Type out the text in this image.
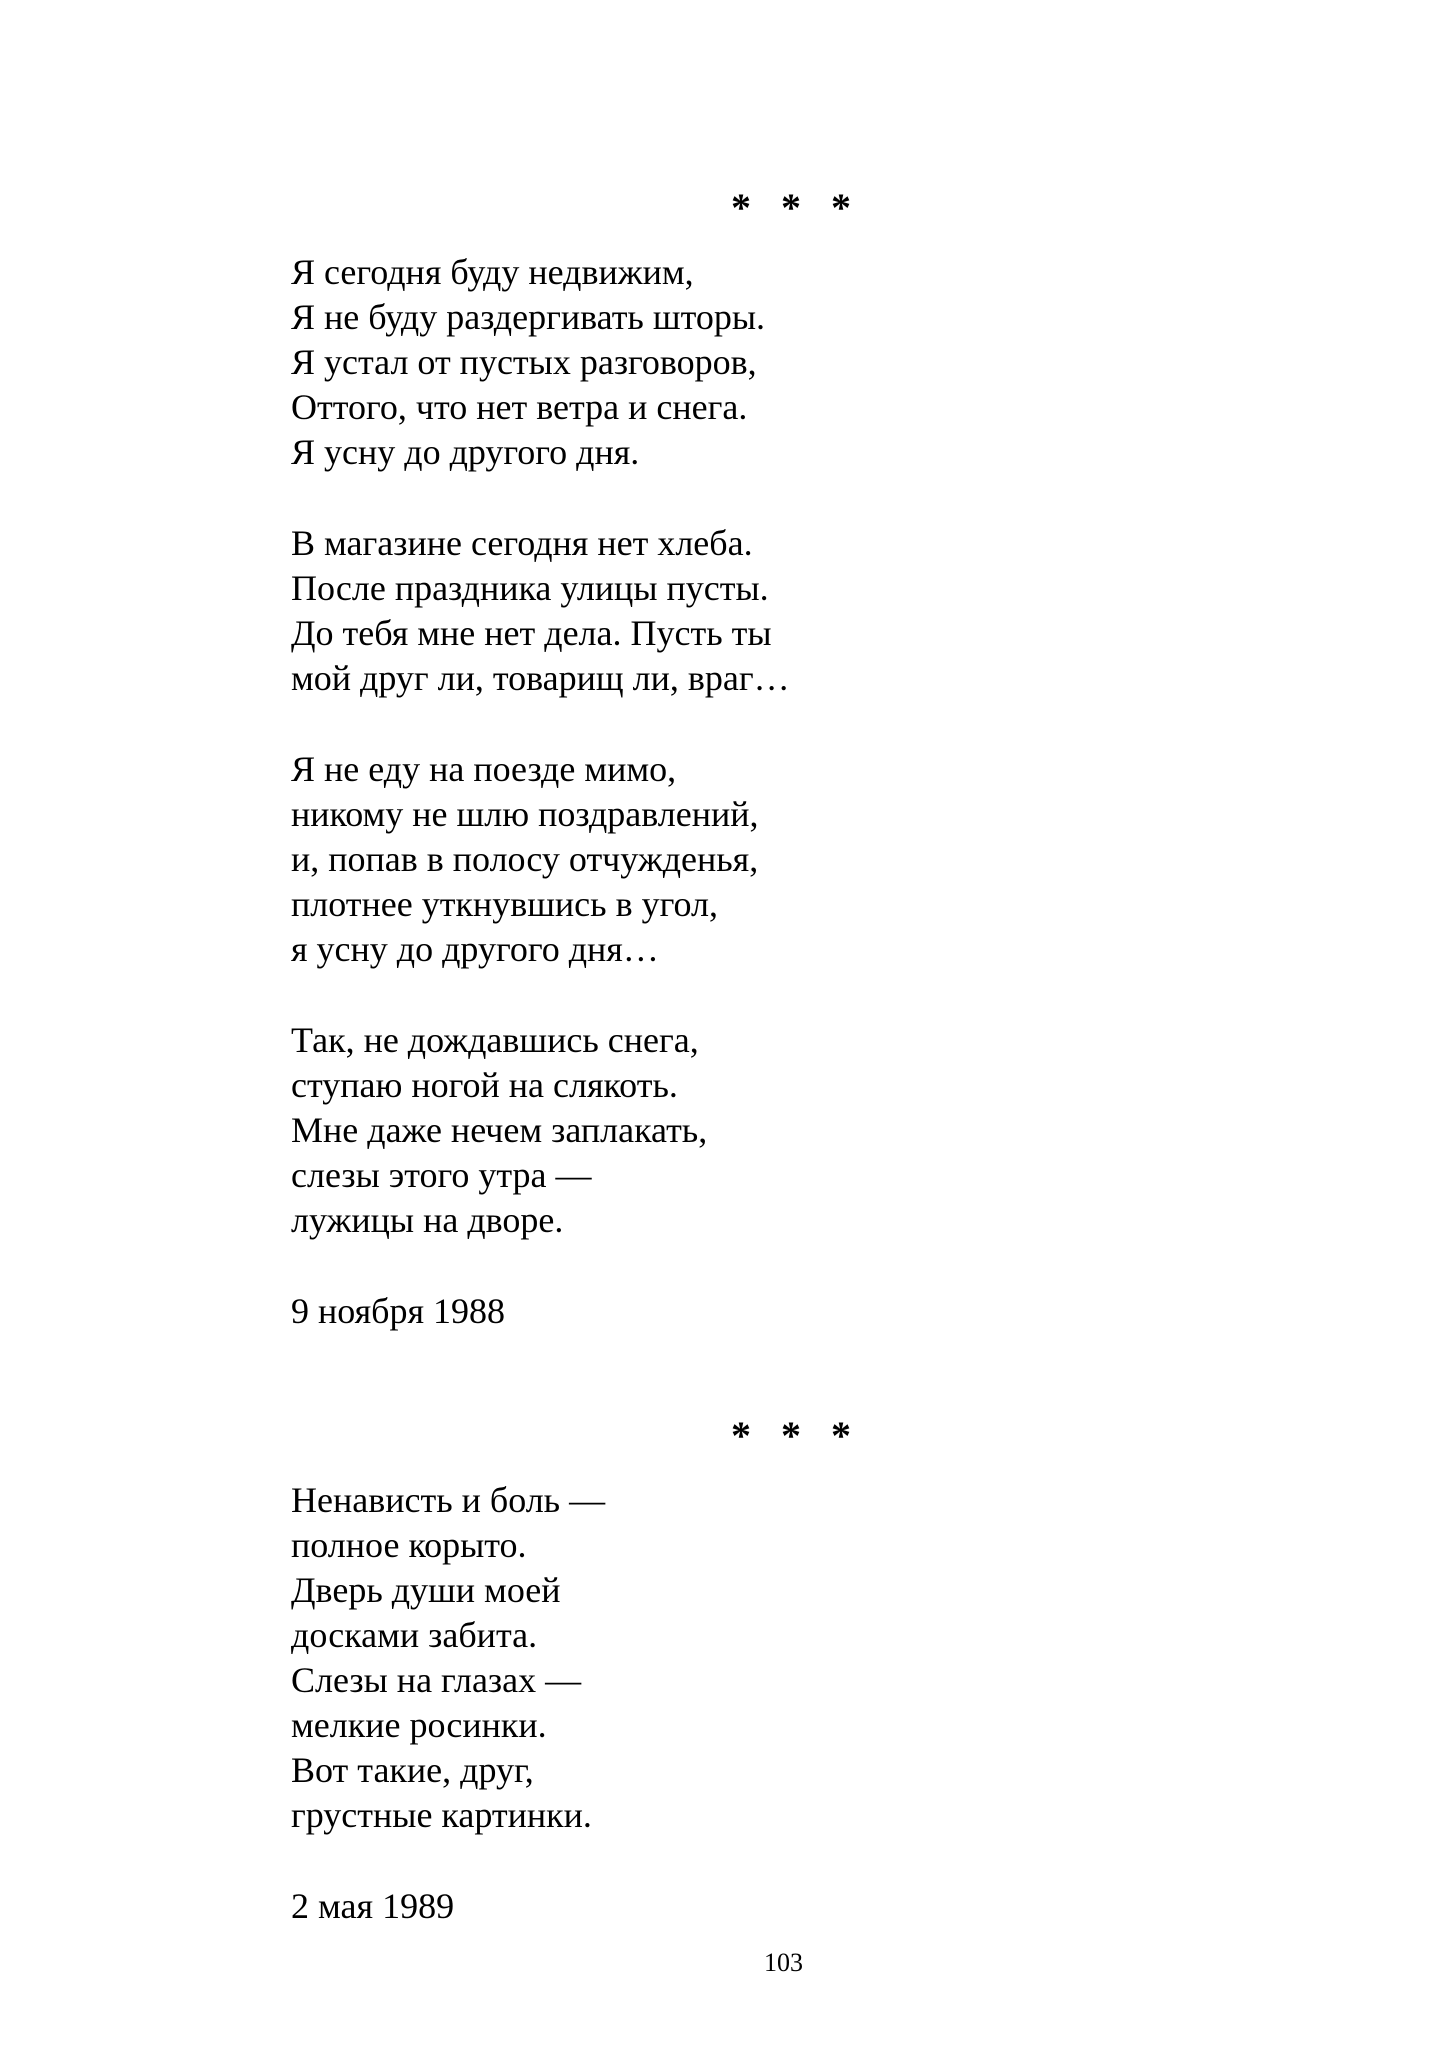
* * *
Я сегодня буду недвижим,
Я не буду раздергивать шторы.
Я устал от пустых разговоров,
Оттого, что нет ветра и снега.
Я усну до другого дня.
В магазине сегодня нет хлеба.
После праздника улицы пусты.
До тебя мне нет дела. Пусть ты
мой друг ли, товарищ ли, враг…
Я не еду на поезде мимо,
никому не шлю поздравлений,
и, попав в полосу отчужденья,
плотнее уткнувшись в угол,
я усну до другого дня…
Так, не дождавшись снега,
ступаю ногой на слякоть.
Мне даже нечем заплакать,
слезы этого утра —
лужицы на дворе.
9 ноября 1988
* * *
Ненависть и боль —
полное корыто.
Дверь души моей
досками забита.
Слезы на глазах —
мелкие росинки.
Вот такие, друг,
грустные картинки.
2 мая 1989
103
